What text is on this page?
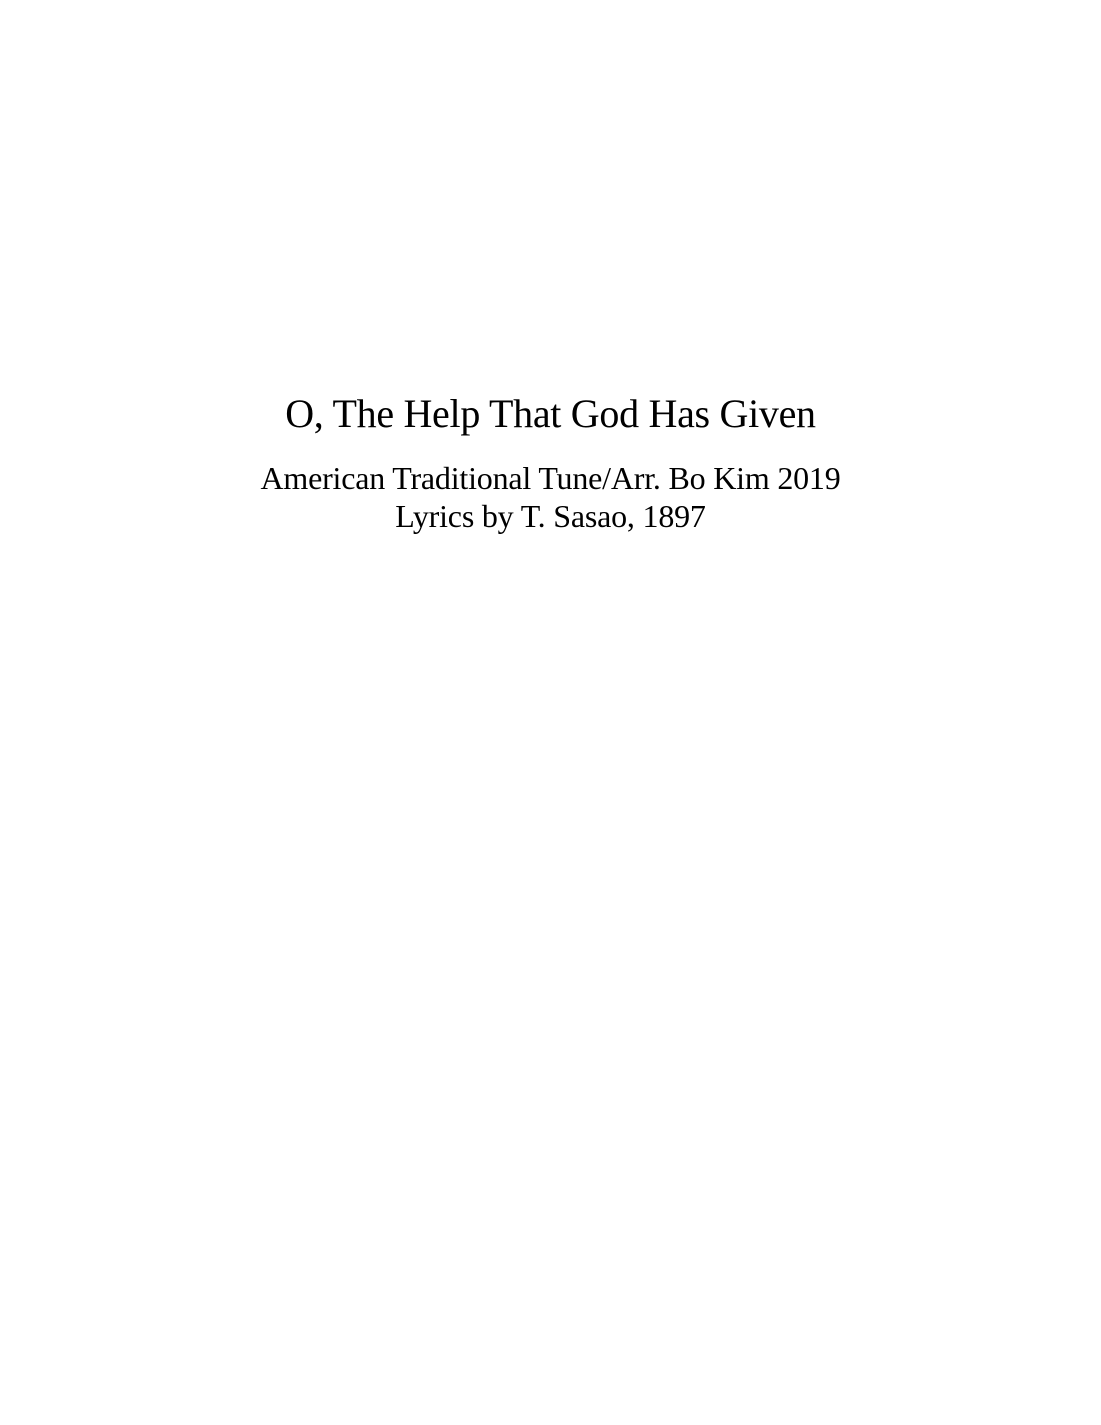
O, The Help That God Has Given
American Traditional Tune/Arr. Bo Kim 2019
Lyrics by T. Sasao, 1897
